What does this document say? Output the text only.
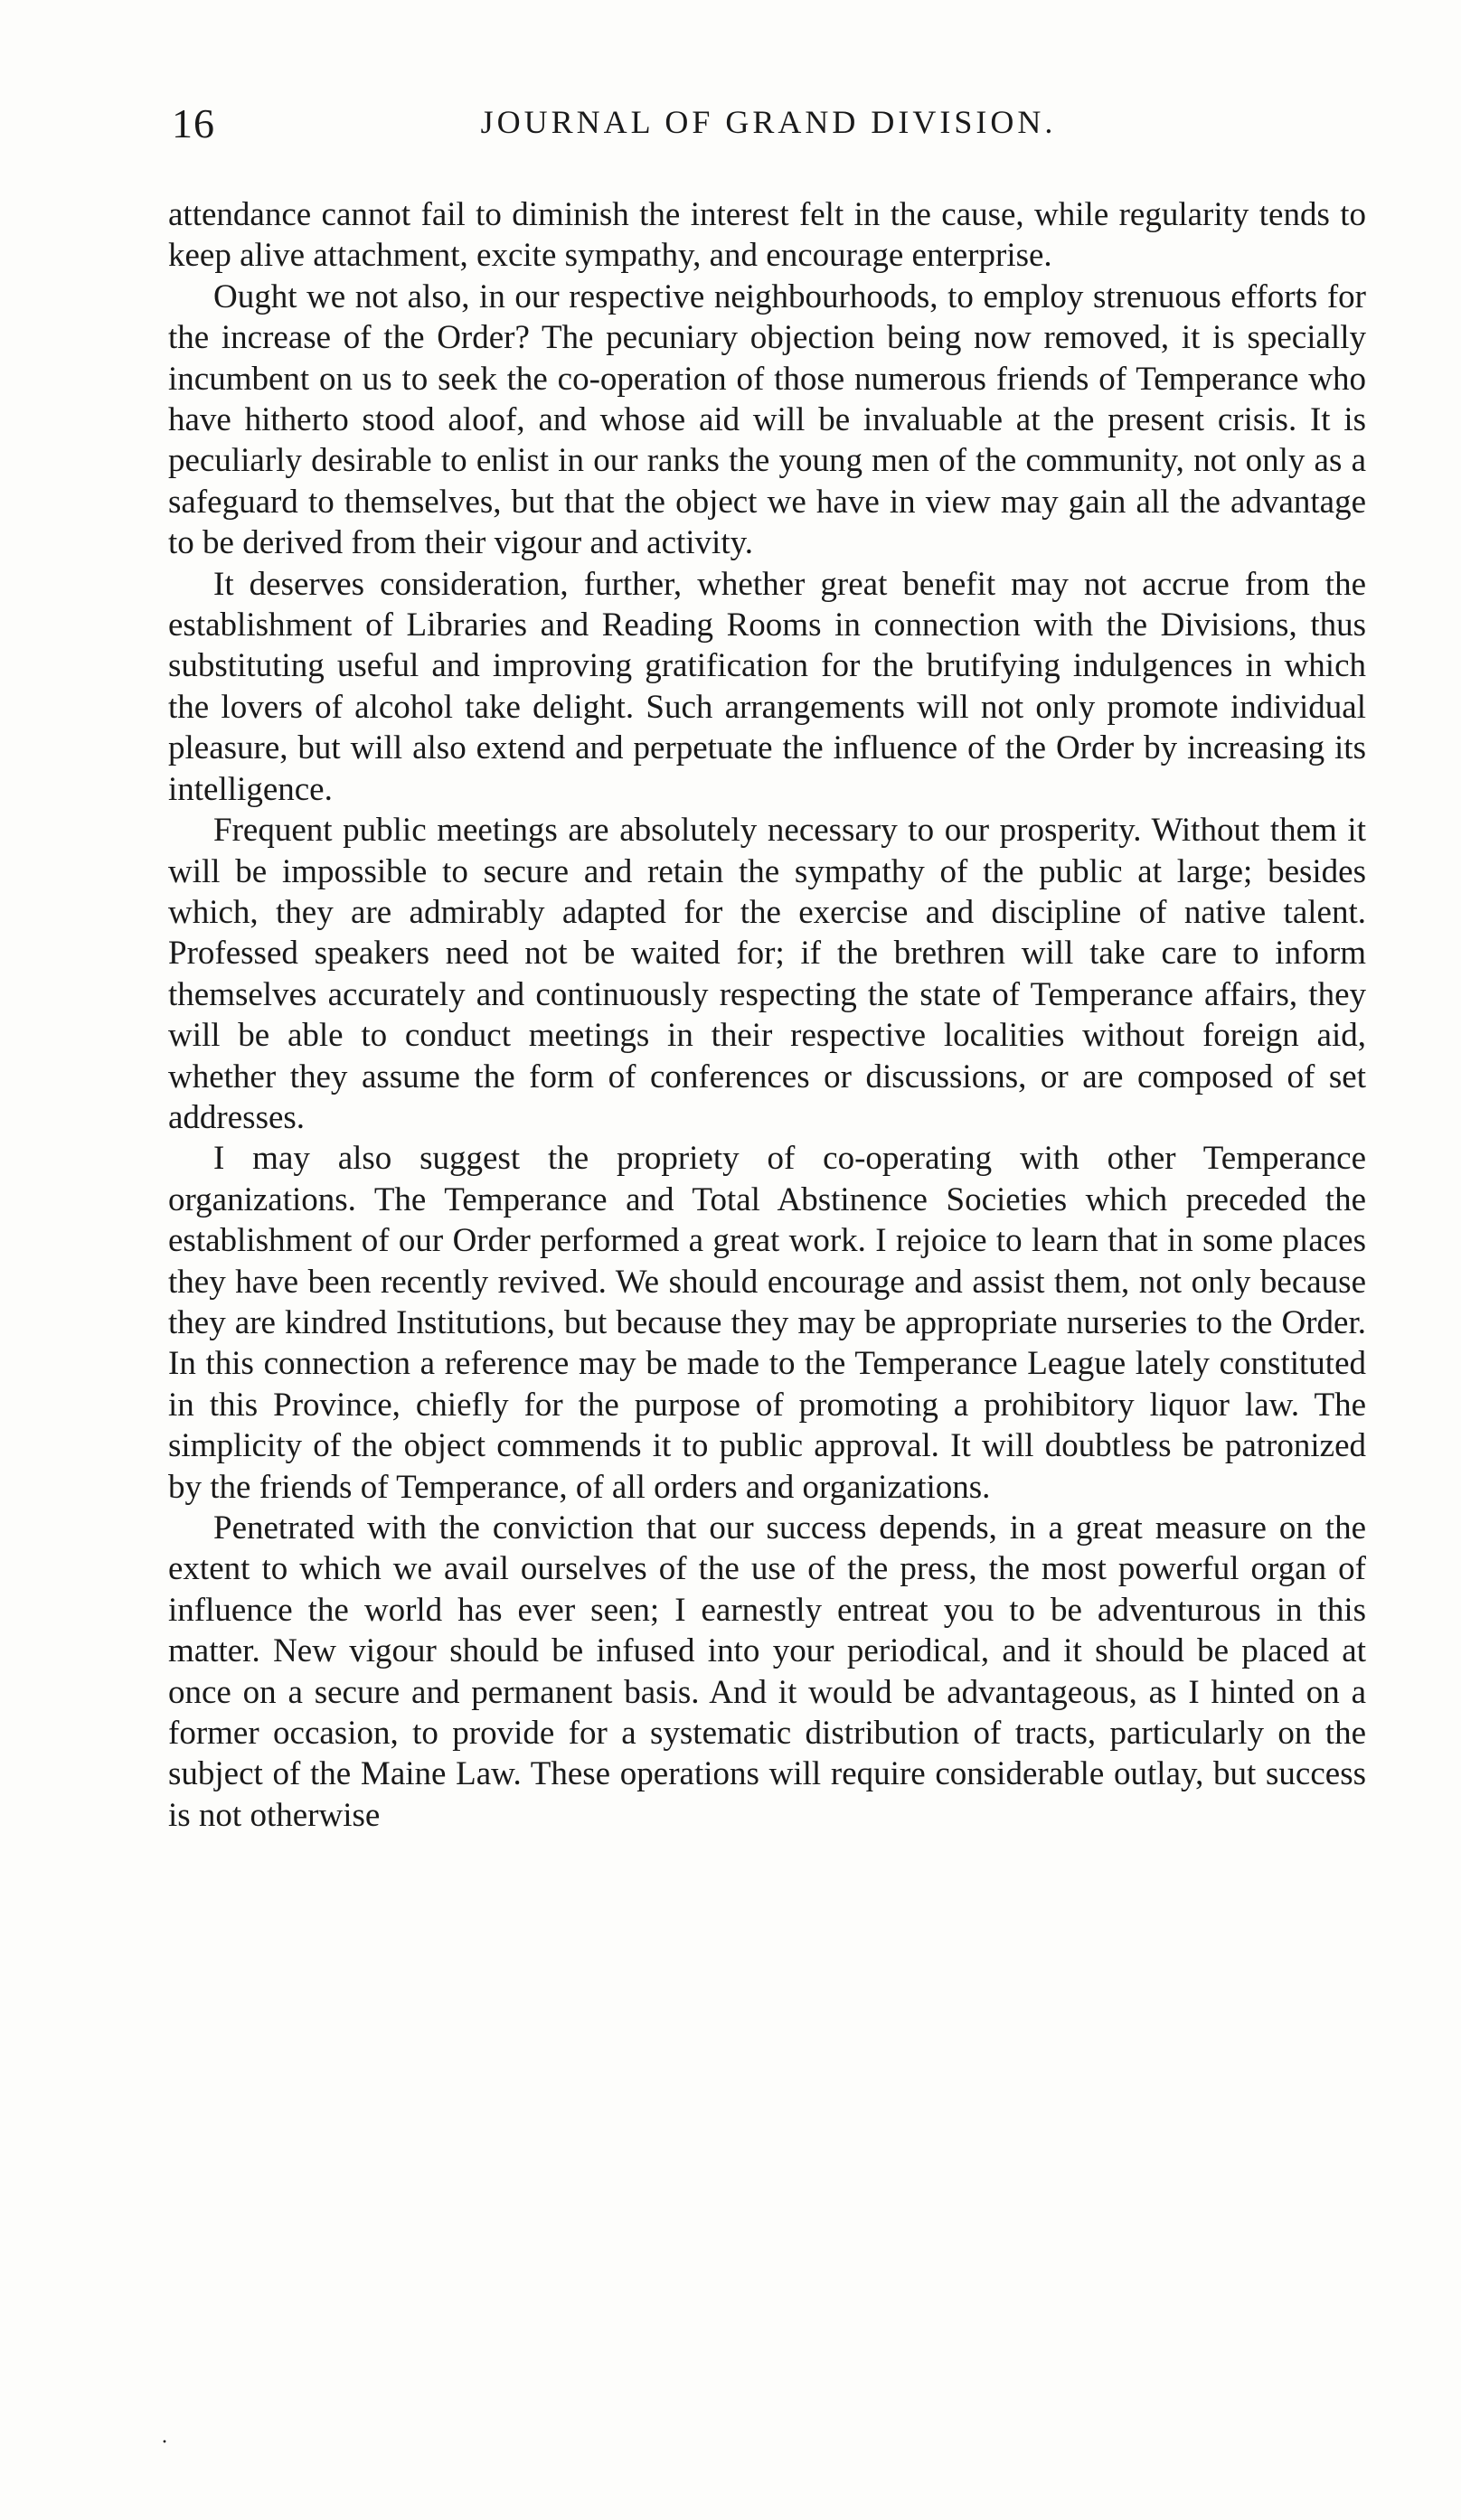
16	JOURNAL OF GRAND DIVISION.

attendance cannot fail to diminish the interest felt in the cause, while regularity tends to keep alive attachment, excite sympathy, and encourage enterprise.

Ought we not also, in our respective neighbourhoods, to employ strenuous efforts for the increase of the Order? The pecuniary objection being now removed, it is specially incumbent on us to seek the co-operation of those numerous friends of Temperance who have hitherto stood aloof, and whose aid will be invaluable at the present crisis. It is peculiarly desirable to enlist in our ranks the young men of the community, not only as a safeguard to themselves, but that the object we have in view may gain all the advantage to be derived from their vigour and activity.

It deserves consideration, further, whether great benefit may not accrue from the establishment of Libraries and Reading Rooms in connection with the Divisions, thus substituting useful and improving gratification for the brutifying indulgences in which the lovers of alcohol take delight. Such arrangements will not only promote individual pleasure, but will also extend and perpetuate the influence of the Order by increasing its intelligence.

Frequent public meetings are absolutely necessary to our prosperity. Without them it will be impossible to secure and retain the sympathy of the public at large; besides which, they are admirably adapted for the exercise and discipline of native talent. Professed speakers need not be waited for; if the brethren will take care to inform themselves accurately and continuously respecting the state of Temperance affairs, they will be able to conduct meetings in their respective localities without foreign aid, whether they assume the form of conferences or discussions, or are composed of set addresses.

I may also suggest the propriety of co-operating with other Temperance organizations. The Temperance and Total Abstinence Societies which preceded the establishment of our Order performed a great work. I rejoice to learn that in some places they have been recently revived. We should encourage and assist them, not only because they are kindred Institutions, but because they may be appropriate nurseries to the Order. In this connection a reference may be made to the Temperance League lately constituted in this Province, chiefly for the purpose of promoting a prohibitory liquor law. The simplicity of the object commends it to public approval. It will doubtless be patronized by the friends of Temperance, of all orders and organizations.

Penetrated with the conviction that our success depends, in a great measure on the extent to which we avail ourselves of the use of the press, the most powerful organ of influence the world has ever seen; I earnestly entreat you to be adventurous in this matter. New vigour should be infused into your periodical, and it should be placed at once on a secure and permanent basis. And it would be advantageous, as I hinted on a former occasion, to provide for a systematic distribution of tracts, particularly on the subject of the Maine Law. These operations will require considerable outlay, but success is not otherwise

·
